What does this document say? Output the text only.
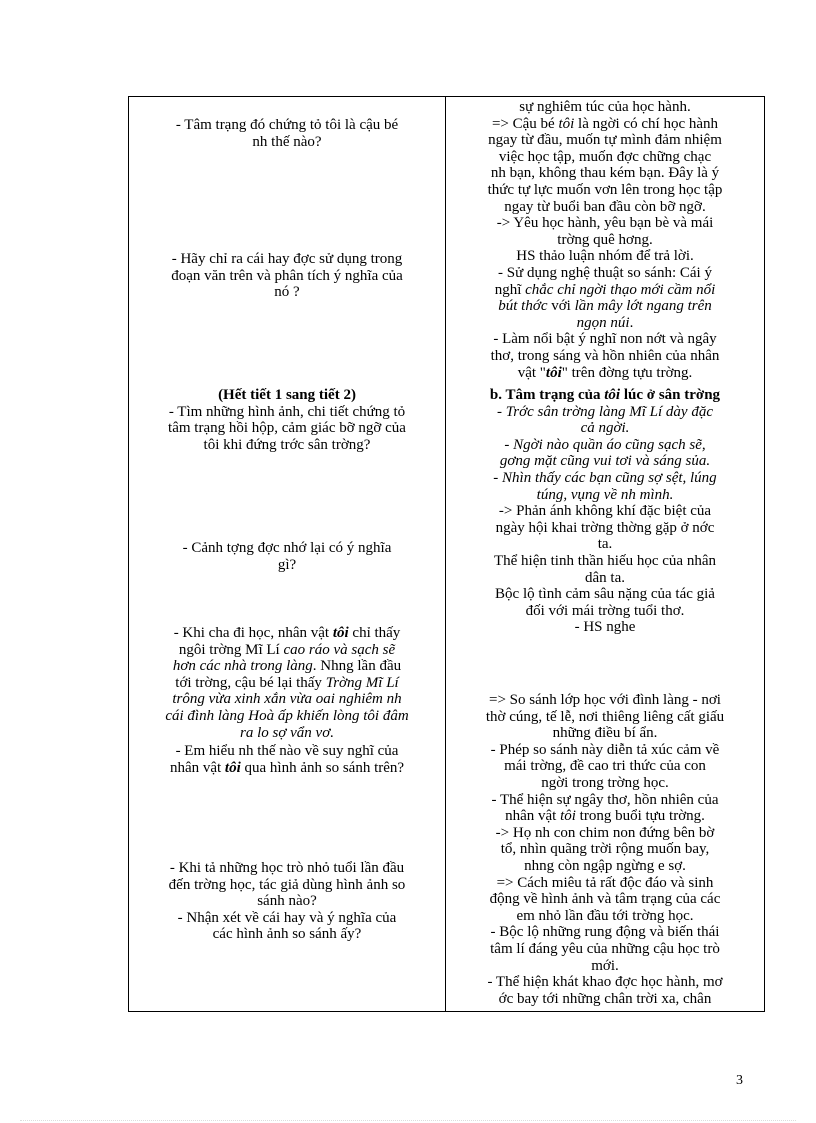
- Tâm trạng đó chứng tỏ tôi là cậu bé
nh thế nào?
- Hãy chỉ ra cái hay đợc sử dụng trong
đoạn văn trên và phân tích ý nghĩa của
nó ?
(Hết tiết 1 sang tiết 2)
- Tìm những hình ảnh, chi tiết chứng tỏ
tâm trạng hồi hộp, cảm giác bỡ ngỡ của
tôi khi đứng trớc sân trờng?
- Cảnh tợng đợc nhớ lại có ý nghĩa
gì?
- Khi cha đi học, nhân vật tôi chỉ thấy
ngôi trờng Mĩ Lí cao ráo và sạch sẽ
hơn các nhà trong làng. Nhng lần đầu
tới trờng, cậu bé lại thấy Trờng Mĩ Lí
trông vừa xinh xắn vừa oai nghiêm nh
cái đình làng Hoà ấp khiến lòng tôi đâm
ra lo sợ vẩn vơ.
- Em hiểu nh thế nào về suy nghĩ của
nhân vật tôi qua hình ảnh so sánh trên?
- Khi tả những học trò nhỏ tuổi lần đầu
đến trờng học, tác giả dùng hình ảnh so
sánh nào?
- Nhận xét về cái hay và ý nghĩa của
các hình ảnh so sánh ấy?
sự nghiêm túc của học hành.
=> Cậu bé tôi là ngời có chí học hành
ngay từ đầu, muốn tự mình đảm nhiệm
việc học tập, muốn đợc chững chạc
nh bạn, không thau kém bạn. Đây là ý
thức tự lực muốn vơn lên trong học tập
ngay từ buổi ban đầu còn bỡ ngỡ.
-> Yêu học hành, yêu bạn bè và mái
trờng quê hơng.
HS thảo luận nhóm để trả lời.
- Sử dụng nghệ thuật so sánh: Cái ý
nghĩ chắc chỉ ngời thạo mới cầm nổi
bút thớc với lần mây lớt ngang trên
ngọn núi.
- Làm nổi bật ý nghĩ non nớt và ngây
thơ, trong sáng và hồn nhiên của nhân
vật "tôi" trên đờng tựu trờng.
b. Tâm trạng của tôi lúc ở sân trờng
- Trớc sân trờng làng Mĩ Lí dày đặc
cả ngời.
- Ngời nào quần áo cũng sạch sẽ,
gơng mặt cũng vui tơi và sáng sủa.
- Nhìn thấy các bạn cũng sợ sệt, lúng
túng, vụng về nh mình.
-> Phản ánh không khí đặc biệt của
ngày hội khai trờng thờng gặp ở nớc
ta.
Thể hiện tinh thần hiếu học của nhân
dân ta.
Bộc lộ tình cảm sâu nặng của tác giả
đối với mái trờng tuổi thơ.
- HS nghe
=> So sánh lớp học với đình làng - nơi
thờ cúng, tế lễ, nơi thiêng liêng cất giấu
những điều bí ẩn.
- Phép so sánh này diễn tả xúc cảm về
mái trờng, đề cao tri thức của con
ngời trong trờng học.
- Thể hiện sự ngây thơ, hồn nhiên của
nhân vật tôi trong buổi tựu trờng.
-> Họ nh con chim non đứng bên bờ
tổ, nhìn quãng trời rộng muốn bay,
nhng còn ngập ngừng e sợ.
=> Cách miêu tả rất độc đáo và sinh
động về hình ảnh và tâm trạng của các
em nhỏ lần đầu tới trờng học.
- Bộc lộ những rung động và biến thái
tâm lí đáng yêu của những cậu học trò
mới.
- Thể hiện khát khao đợc học hành, mơ
ớc bay tới những chân trời xa, chân
3
